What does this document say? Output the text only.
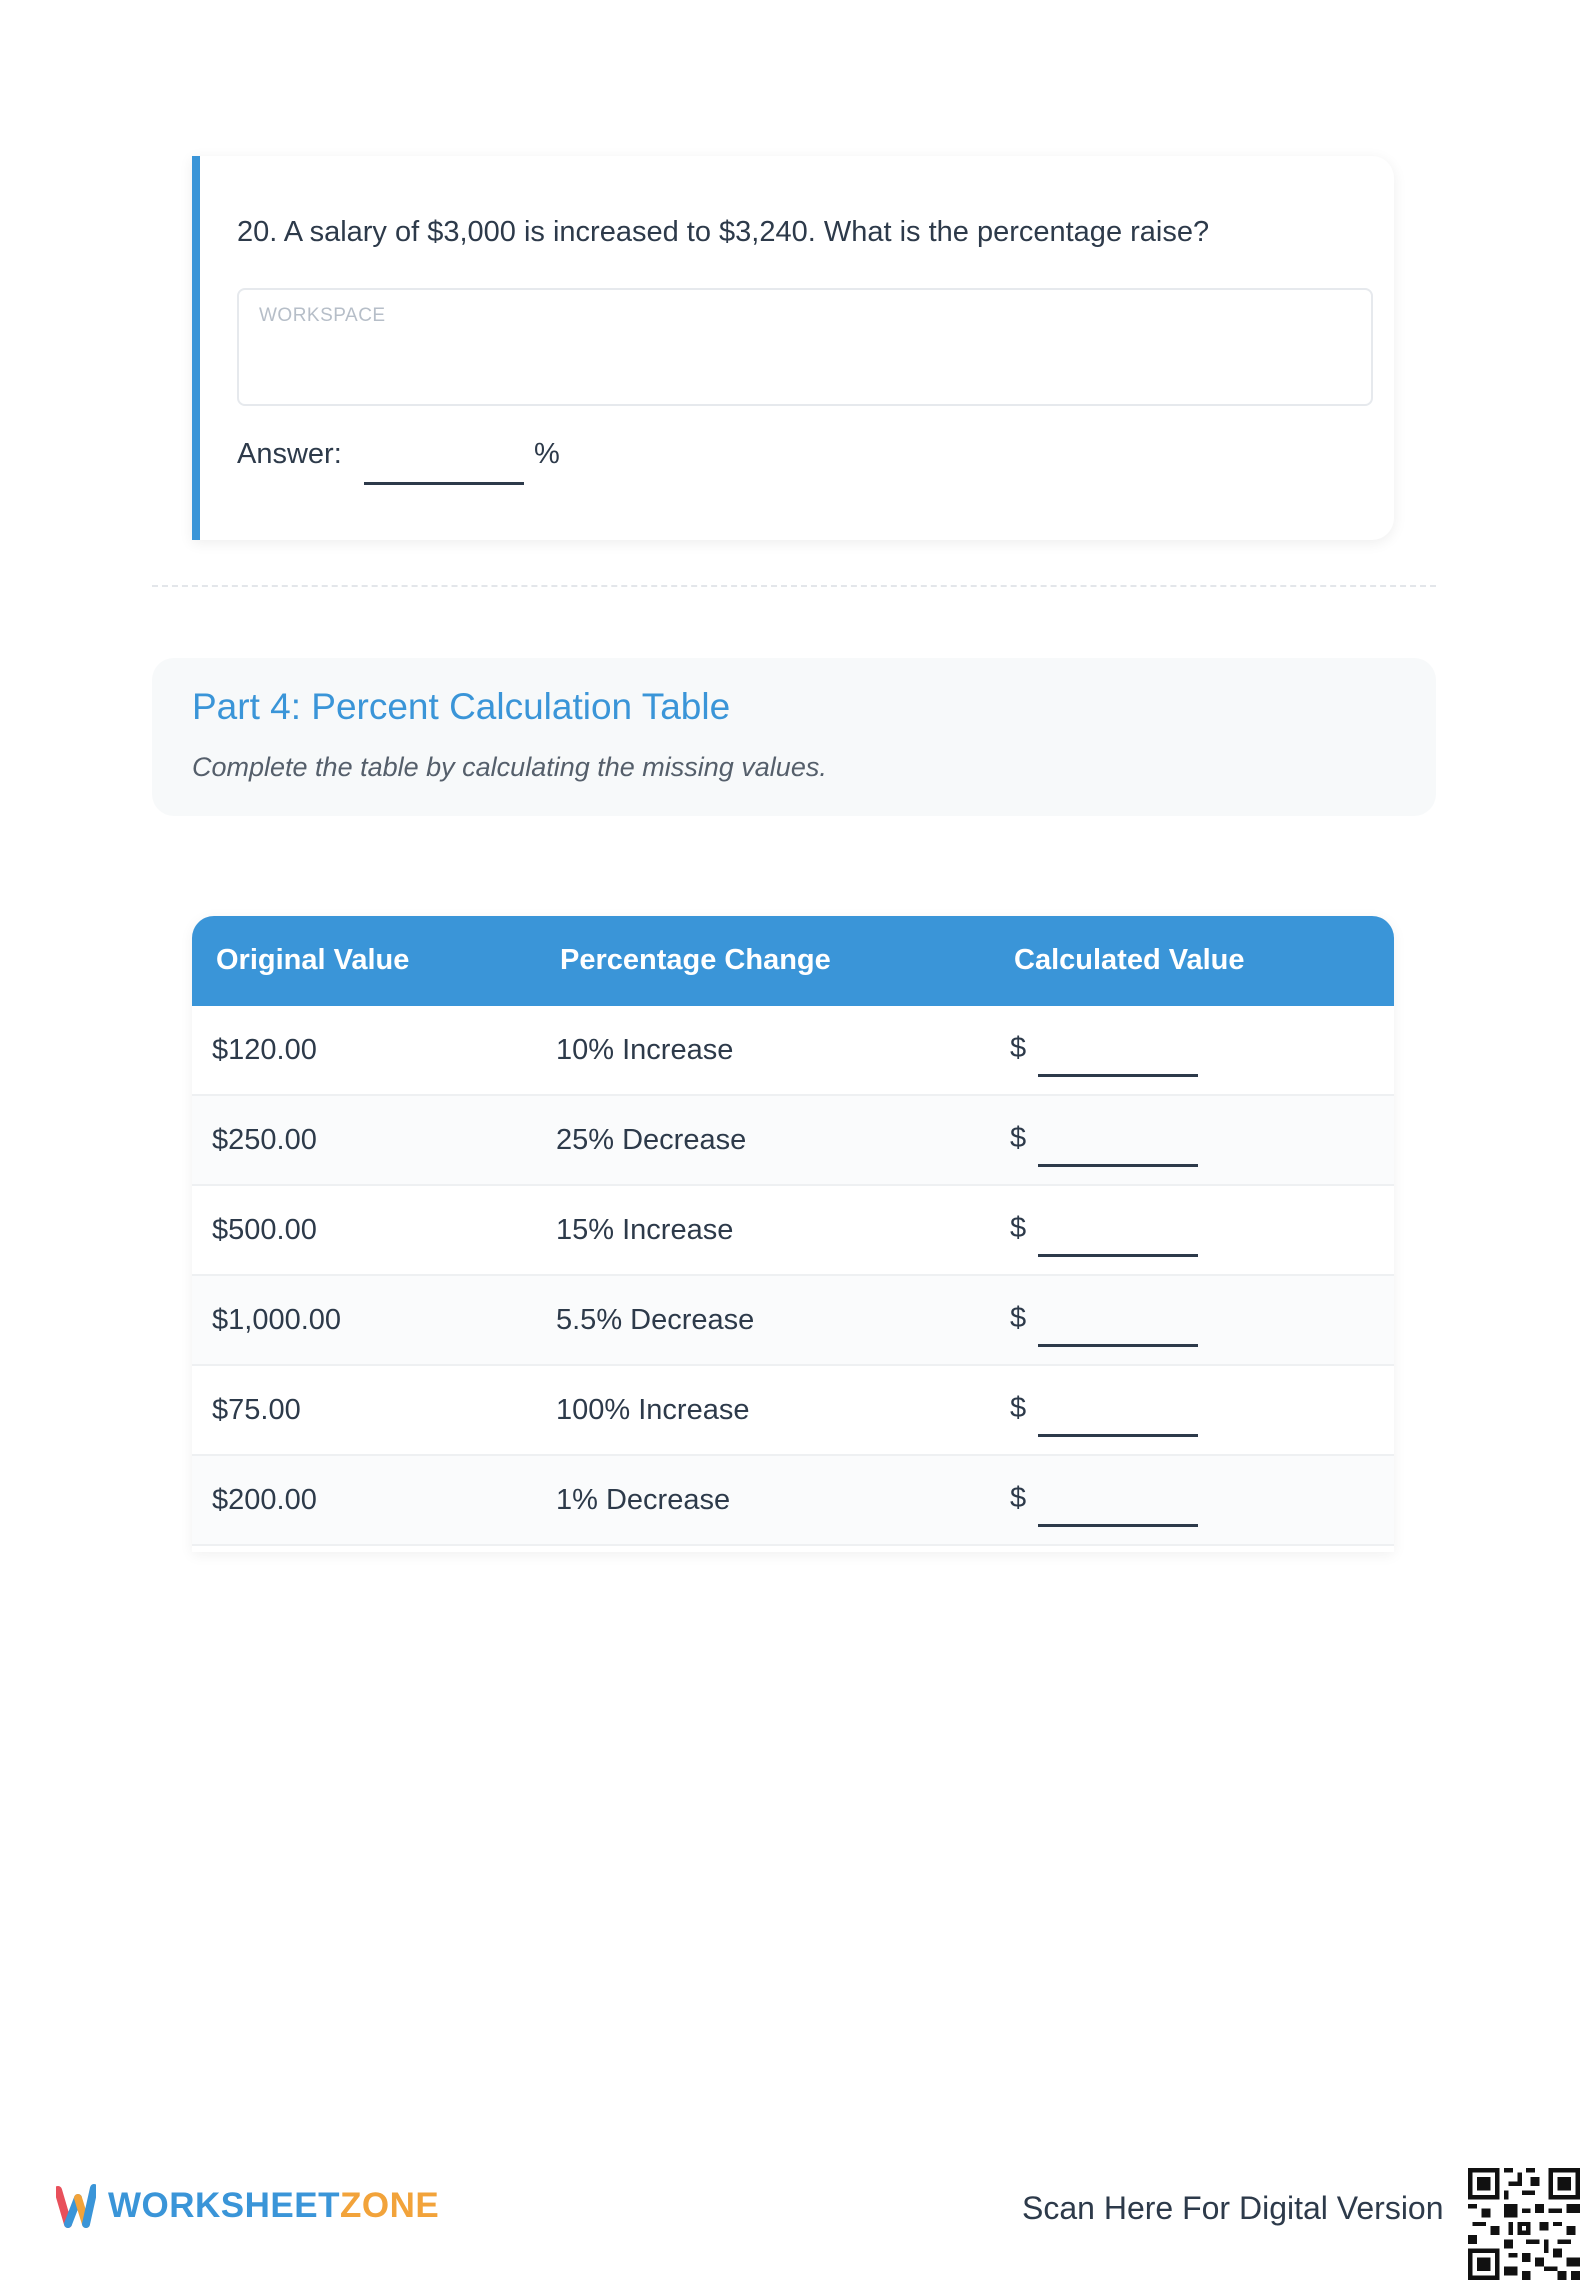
20. A salary of $3,000 is increased to $3,240. What is the percentage raise?
WORKSPACE
Answer:	%
Part 4: Percent Calculation Table
Complete the table by calculating the missing values.
Original Value	Percentage Change	Calculated Value
$120.00	10% Increase	$
$250.00	25% Decrease	$
$500.00	15% Increase	$
$1,000.00	5.5% Decrease	$
$75.00	100% Increase	$
$200.00	1% Decrease	$
WORKSHEETZONE	Scan Here For Digital Version
